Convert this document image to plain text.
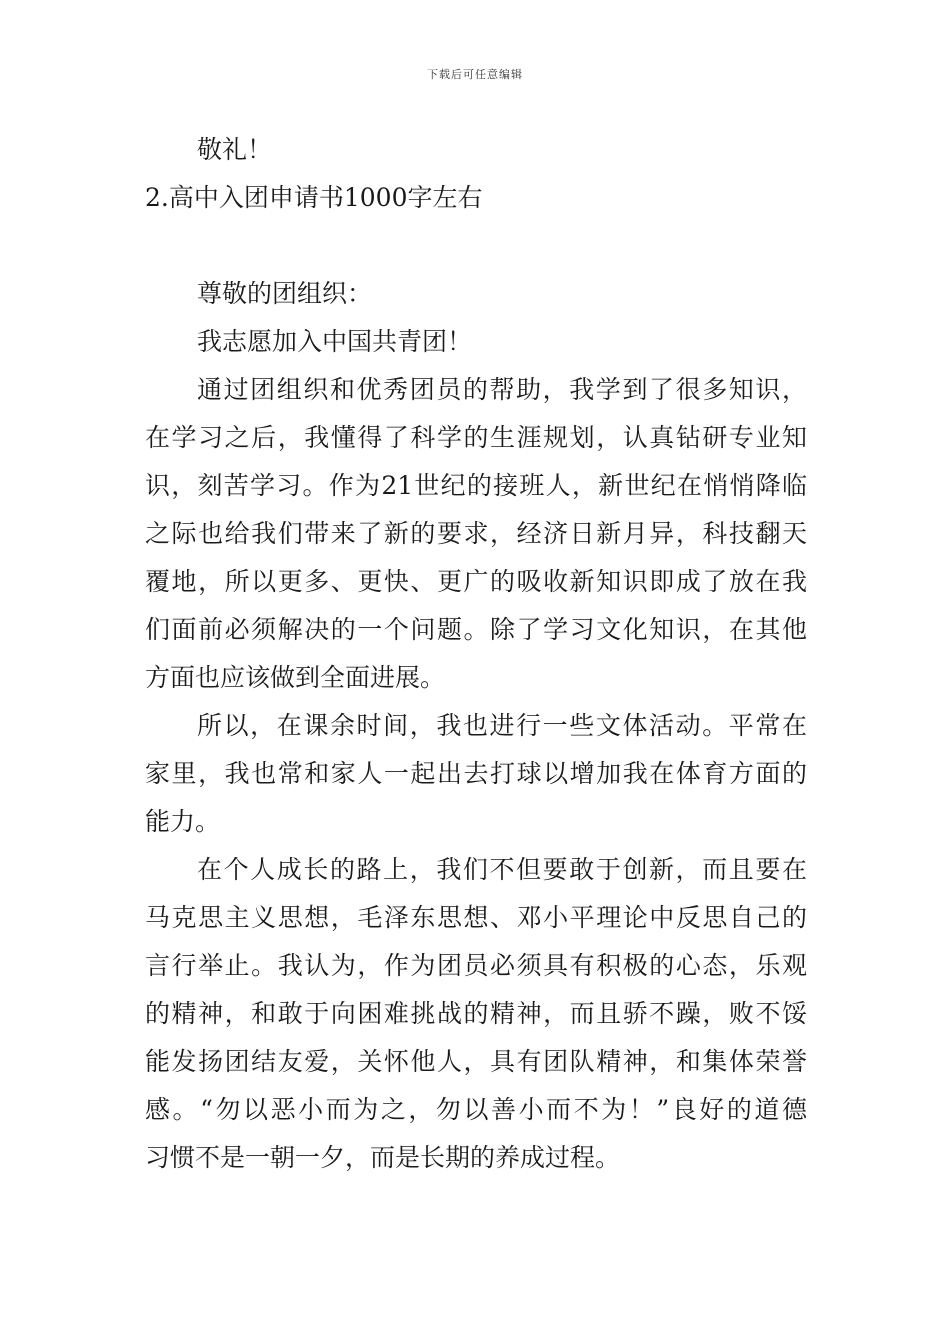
下载后可任意编辑
敬礼！
2.高中入团申请书1000字左右
尊敬的团组织：
我志愿加入中国共青团！
通过团组织和优秀团员的帮助，我学到了很多知识，
在学习之后，我懂得了科学的生涯规划，认真钻研专业知
识，刻苦学习。作为21世纪的接班人，新世纪在悄悄降临
之际也给我们带来了新的要求，经济日新月异，科技翻天
覆地，所以更多、更快、更广的吸收新知识即成了放在我
们面前必须解决的一个问题。除了学习文化知识，在其他
方面也应该做到全面进展。
所以，在课余时间，我也进行一些文体活动。平常在
家里，我也常和家人一起出去打球以增加我在体育方面的
能力。
在个人成长的路上，我们不但要敢于创新，而且要在
马克思主义思想，毛泽东思想、邓小平理论中反思自己的
言行举止。我认为，作为团员必须具有积极的心态，乐观
的精神，和敢于向困难挑战的精神，而且骄不躁，败不馁
能发扬团结友爱，关怀他人，具有团队精神，和集体荣誉
感。“勿以恶小而为之，勿以善小而不为！”良好的道德
习惯不是一朝一夕，而是长期的养成过程。
